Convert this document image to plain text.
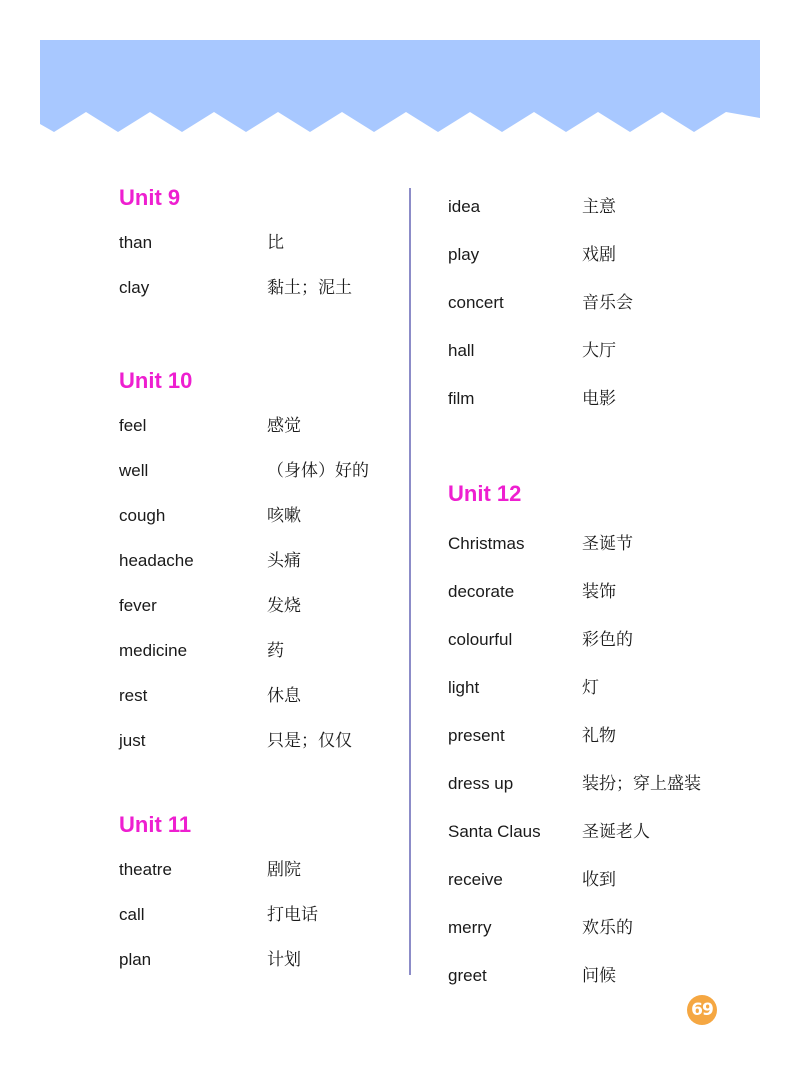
Unit 9
than	比
clay	黏土；泥土
Unit 10
feel	感觉
well	（身体）好的
cough	咳嗽
headache	头痛
fever	发烧
medicine	药
rest	休息
just	只是；仅仅
Unit 11
theatre	剧院
call	打电话
plan	计划
idea	主意
play	戏剧
concert	音乐会
hall	大厅
film	电影
Unit 12
Christmas	圣诞节
decorate	装饰
colourful	彩色的
light	灯
present	礼物
dress up	装扮；穿上盛装
Santa Claus	圣诞老人
receive	收到
merry	欢乐的
greet	问候
69
